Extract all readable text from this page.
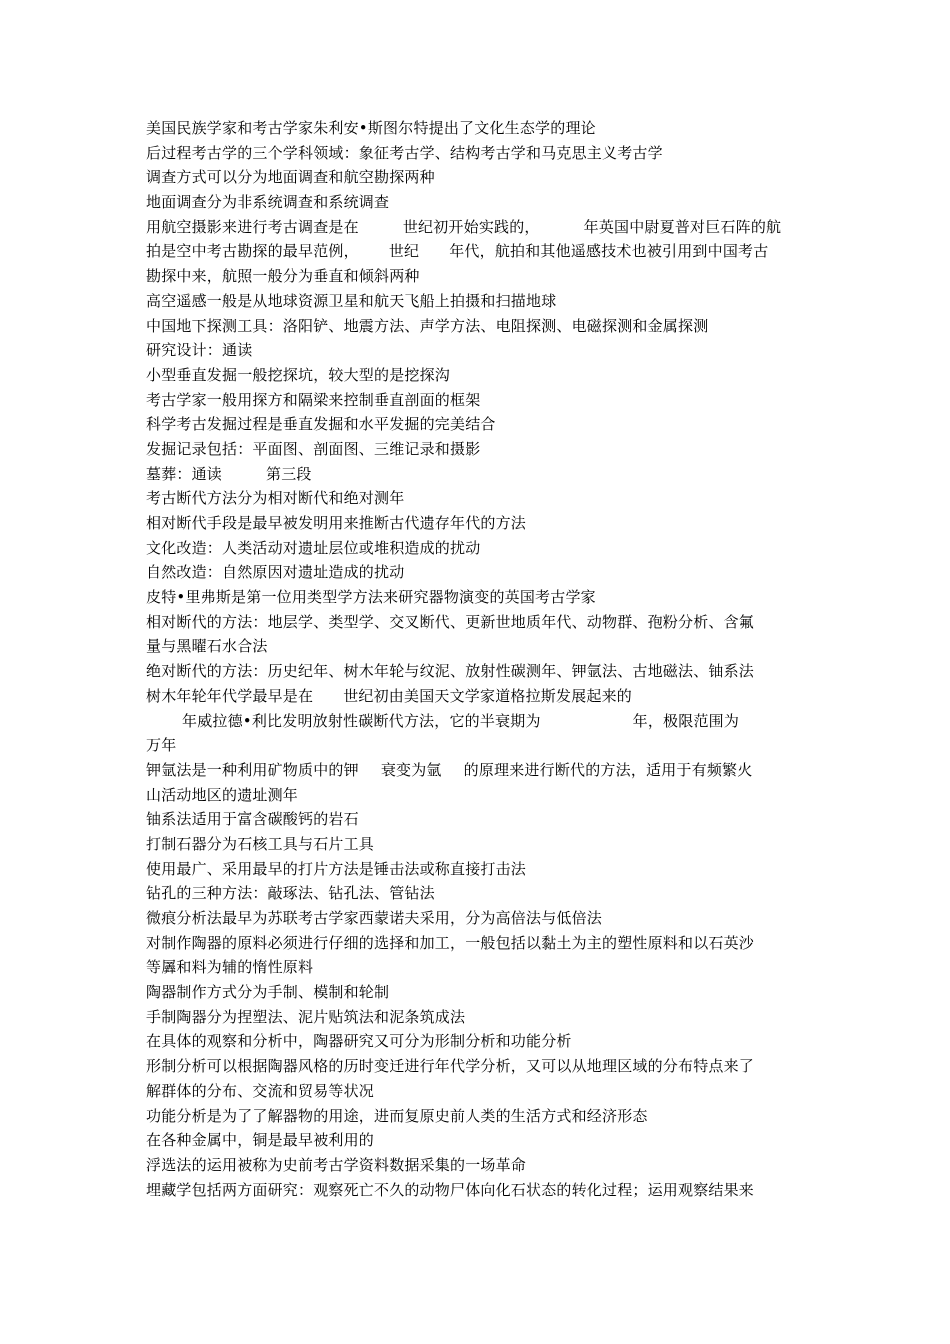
美国民族学家和考古学家朱利安•斯图尔特提出了文化生态学的理论
后过程考古学的三个学科领域：象征考古学、结构考古学和马克思主义考古学
调查方式可以分为地面调查和航空勘探两种
地面调查分为非系统调查和系统调查
用航空摄影来进行考古调查是在	世纪初开始实践的，	年英国中尉夏普对巨石阵的航
拍是空中考古勘探的最早范例， 世纪 年代，航拍和其他遥感技术也被引用到中国考古
勘探中来，航照一般分为垂直和倾斜两种
高空遥感一般是从地球资源卫星和航天飞船上拍摄和扫描地球
中国地下探测工具：洛阳铲、地震方法、声学方法、电阻探测、电磁探测和金属探测
研究设计：通读
小型垂直发掘一般挖探坑，较大型的是挖探沟
考古学家一般用探方和隔梁来控制垂直剖面的框架
科学考古发掘过程是垂直发掘和水平发掘的完美结合
发掘记录包括：平面图、剖面图、三维记录和摄影
墓葬：通读	第三段
考古断代方法分为相对断代和绝对测年
相对断代手段是最早被发明用来推断古代遗存年代的方法
文化改造：人类活动对遗址层位或堆积造成的扰动
自然改造：自然原因对遗址造成的扰动
皮特•里弗斯是第一位用类型学方法来研究器物演变的英国考古学家
相对断代的方法：地层学、类型学、交叉断代、更新世地质年代、动物群、孢粉分析、含氟
量与黑曜石水合法
绝对断代的方法：历史纪年、树木年轮与纹泥、放射性碳测年、钾氩法、古地磁法、铀系法
树木年轮年代学最早是在 世纪初由美国天文学家道格拉斯发展起来的
年威拉德•利比发明放射性碳断代方法，它的半衰期为	年，极限范围为
万年
钾氩法是一种利用矿物质中的钾 衰变为氩 的原理来进行断代的方法，适用于有频繁火
山活动地区的遗址测年
铀系法适用于富含碳酸钙的岩石
打制石器分为石核工具与石片工具
使用最广、采用最早的打片方法是锤击法或称直接打击法
钻孔的三种方法：敲琢法、钻孔法、管钻法
微痕分析法最早为苏联考古学家西蒙诺夫采用，分为高倍法与低倍法
对制作陶器的原料必须进行仔细的选择和加工，一般包括以黏土为主的塑性原料和以石英沙
等羼和料为辅的惰性原料
陶器制作方式分为手制、模制和轮制
手制陶器分为捏塑法、泥片贴筑法和泥条筑成法
在具体的观察和分析中，陶器研究又可分为形制分析和功能分析
形制分析可以根据陶器风格的历时变迁进行年代学分析，又可以从地理区域的分布特点来了
解群体的分布、交流和贸易等状况
功能分析是为了了解器物的用途，进而复原史前人类的生活方式和经济形态
在各种金属中，铜是最早被利用的
浮选法的运用被称为史前考古学资料数据采集的一场革命
埋藏学包括两方面研究：观察死亡不久的动物尸体向化石状态的转化过程；运用观察结果来
